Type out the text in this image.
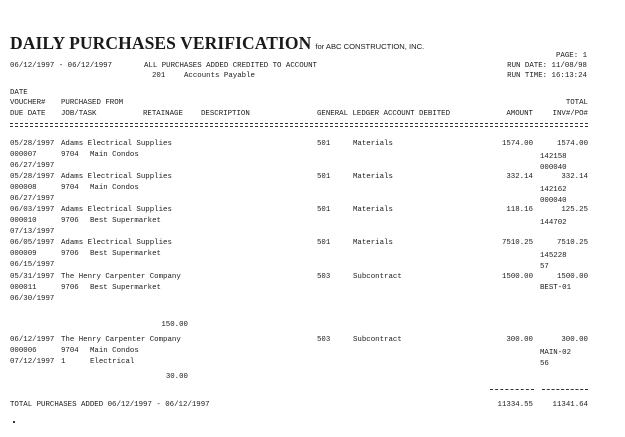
DAILY PURCHASES VERIFICATION for ABC CONSTRUCTION, INC.
06/12/1997 - 06/12/1997	ALL PURCHASES ADDED CREDITED TO ACCOUNT
201	Accounts Payable
PAGE: 1
RUN DATE: 11/08/98
RUN TIME: 16:13:24
DATE
VOUCHER# PURCHASED FROM
DUE DATE JOB/TASK	RETAINAGE DESCRIPTION	GENERAL LEDGER ACCOUNT DEBITED	AMOUNT
TOTAL
INV#/PO#
05/28/1997 Adams Electrical Supplies	501	Materials	1574.00	1574.00
000007	9704 Main Condos	142158
06/27/1997	000040
05/28/1997 Adams Electrical Supplies	501	Materials	332.14	332.14
000008	9704 Main Condos	142162
06/27/1997	000040
06/03/1997 Adams Electrical Supplies	501	Materials	118.16	125.25
000010	9706 Best Supermarket	144702
07/13/1997
06/05/1997 Adams Electrical Supplies	501	Materials	7510.25	7510.25
000009	9706 Best Supermarket	145228
06/15/1997	57
05/31/1997 The Henry Carpenter Company	503	Subcontract	1500.00	1500.00
000011	9706 Best Supermarket	BEST-01
06/30/1997
150.00
06/12/1997 The Henry Carpenter Company	503	Subcontract	300.00	300.00
000006	9704 Main Condos	MAIN-02
07/12/1997 1	Electrical	56
30.00
TOTAL PURCHASES ADDED 06/12/1997 - 06/12/1997	11334.55	11341.64
